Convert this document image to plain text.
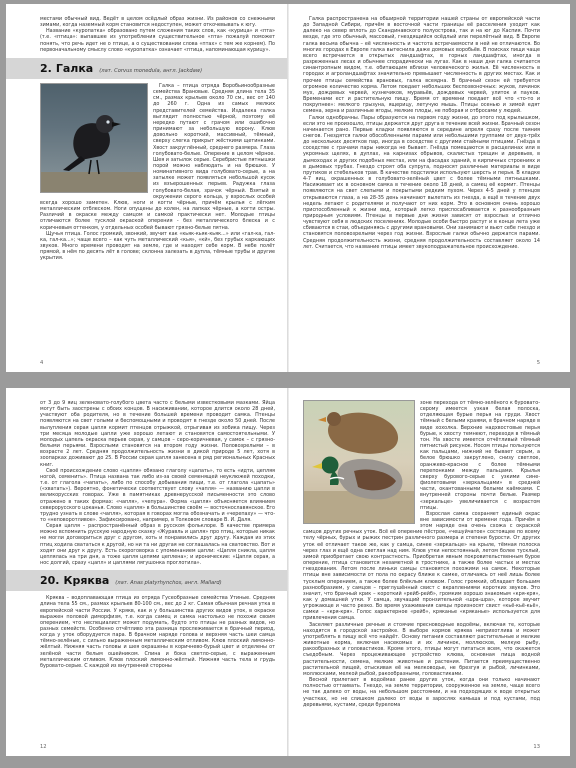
местами обычный вид. Ведёт в целом осёдлый образ жизни. Из районов со снежными зимами, когда наземный корм становится недоступен, может откочевывать к югу.

Название «куропатка» образовано путем сложения таких слов, как «курица» и «пта» (т.е. «птица»: выпавшее из употребления существительное «пта» пожалуй поможет понять, что речь идет не о птице, а о существовании слова «птах» с тем же корнем). По первоначальному смыслу слово «куропатка» означает «птица, напоминающая курицу».

2. Галка (лат. Corvus monedula, англ. Jackdaw)

Галка – птица отряда Воробьинообразные семейства Врановые. Средняя длина тела 35 см., размах крыльев около 70 см., вес от 140 до 260 г. Одна из самых мелких представителей семейства. Издалека галка выглядит полностью чёрной, поэтому её нередко путают с грачом или ошибочно принимают за небольшую ворону. Клюв довольно короткий, массивный, тёмный, сверху слегка прикрыт жёсткими щетинками. Хвост закруглённый, среднего размера. Глаза голубовато-белые. Оперение в целом чёрное. Шея и затылок серые. Серебристые пятнышки порой можно наблюдать и на брюшке. У номинативного вида голубовато-серые, а на затылке может появляться небольшой кусок из взъерошенных перьев. Радужка глаза голубовато-белая, зрачок чёрный. Взятый в окружении серого кольца, у взрослых особей всегда хорошо заметен. Клюв, ноги и когти чёрные, причём крылья с лёгким металлическим отблеском. Ноги опущены до колен, на лапках чёрные, а когти остры. Различий в окраске между самцом и самкой практически нет. Молодые птицы отличаются более тусклой окраской оперения - без металлического блеска и с коричневым оттенком, у отдельных особей бывают грязно-белые пятна.

Щучья птица. Голос громкий, звонкий, звучит как «кьяк-кьяк-кьяк...» или «гал-ка, гал-ка, гал-ка...»; чаще всего – как чуть металлический «кья», «кй», без грубых каркающих звуков. Много времени проводят на земле, где и находят себе корм. В небе полёт прямой, в нём по десять лёт в голове; склонна залезать в дупла, тёмные трубы и другие укрытия.

4

Галка распространена на обширной территории нашей страны от европейской части до Западной Сибири, причём в восточной части границы её расселения уходит как далеко на север вплоть до Скандинавского полуострова, так и на юг до Каспия. Почти везде, где это обычный, массовый, гнездящийся осёдлый или перелётный вид. В Европе галка весьма обычна – её численность и частота встречаемости в ней не отличаются. Во многих городах в Европе галка вытеснила даже домовых воробьёв. В поисках пищи чаще всего встречается в открытых ландшафтах, в горных ландшафтах, иногда в разреженных лесах и обычнее спорадически на лугах. Как в наши дни галка считается синантропным видом, т.е. обитающим вблизи человеческого жилья. Её численность в городах и агроландшафтах значительно превышает численность в других местах. Как и прочие птицы семейства врановых, галка всеядна. В брачный сезон ей требуется огромное количество корма. Летом поедает небольших беспозвоночных: жуков, личинок мух, дождевых червей, кузнечиков, муравьёв, дождевых червей, улиток и пауков. Временами ест и растительную пищу. Время от времени поедает всё что «то-то и покрупнее»: мелкого грызуна, ящерицу, летучую мышь. Птицы осенью и зимой едят семена, зерна и различные ягоды, мелкие плоды, не поборая и отбросами у людей.

Галки однобрачны. Пары образуются на первом году жизни, до этого под крылышком, если это не произошло, птицы держатся друг друга в течение всей жизни. Брачный сезон начинается рано. Первые кладки появляются в середине апреля сразу после таяния снегов. Гнездятся галки обособленными парами или небольшими группами от двух-трёх до нескольких десятков пар, иногда в соседстве с другими стайными птицами. Гнёзда в соседстве с грачами пары никогда не бывает. Гнёзда помещаются в расщелинах или в укромных щелях, в дуплах, на карнизах обрывов, скалистых трещин и деревьев, в дымоходах и других подобных местах, или на фасадах зданий, в кирпичных строениях и в дымовых трубах. Гнездо строят оба супруга, подносят различные материалы в виде прутиков и стебельков трав. В качестве подстилки используют шерсть и перья. В кладке 4-7 яиц, окрашенных в голубовато-зелёный цвет с более тёмными пятнышками. Насиживает их в основном самка в течение около 18 дней, а самец её кормит. Птенцы появляются на свет слепыми и покрытыми редким пухом. Через 4-5 дней у птенцов открываются глаза, а на 28-35 день начинают вылетать из гнезда, а ещё в течение двух недель летают с родителями и получают от них корм. Это в основном очень хорошо приспособленный к жизни вид, который легко приспосабливается к разнообразным природным условиям. Птенцы в первые дни жизни зависят от взрослых и отлично чувствуют себя в людских поселениях. Молодые особи быстро растут и в конце лета уже сбиваются в стаи, объединяясь с другими врановыми. Они занимают и вьют себе гнездо и становятся половозрелыми через год жизни. Взрослые галки обычно держатся парами. Средняя продолжительность жизни, средняя продолжительность составляет около 14 лет. Считается, что название птицы имеет звукоподражательное происхождение.

5

от 3 до 9 яиц зеленовато-голубого цвета часто с белыми известковыми мазками. Яйца могут быть заострены с обоих концов. В насиживании, которое длится около 28 дней, участвуют оба родителя, но в течение большей времени проводит самка. Птенцы появляются на свет голыми и беспомощными и проводят в гнезде около 50 дней. После вылупления серая цапля кормит птенцов отрыжкой, отрыгивая из зобика пищу. Через три месяца молодые цапли уже хорошо летают и становятся самостоятельными. У молодых цапель окраска перьев серая, у самцов – серо-коричневая, у самок – с грязно-белыми перьями. Взрослыми становятся на втором году жизни. Половозрелыми – в возрасте 2 лет. Средняя продолжительность жизни в дикой природе 5 лет, хотя в зоопарках доживают до 25. В России серая цапля занесена в ряд региональных Красных книг.

Своё происхождение слово «цапля» обязано глаголу «цапать», то есть «идти, цепляя ногой, семенить». Птица названа так либо из-за своей семенящей неуклюжей походки, т.е. от глагола «чапать», либо по способу добывания пищи, т.е. от глагола «цапать» («хватать»). Вероятно, фонетически соответствует слову «чапля» — названию цапли в великорусских говорах. Уже в памятниках древнерусской письменности это слово отражено в таких формах: «чапля», «чепура». Форма «цапля» объясняется влиянием северорусского цоканья. Слово «цапля» в большинстве своём — восточнославянское. Его трудно узнать в слове «чапля», которая в говорах могла обозначать и «черепаху» — что-то «неповоротливое». Зафиксировано, например, в Толковом словаре В. И. Даля.

Серая цапля – распространённый образ в русском фольклоре. В качестве примера можно вспомнить русскую народную сказку «Журавль и цапля» про птиц, которые никак не могли договориться друг с другом, хоть и понравились друг другу. Каждая из этих птиц ходила свататься к другой, но ни та ни другая не соглашалась на сватовство. Вот и ходят они друг к другу. Есть скороговорка с упоминанием цапли: «Цапля сникла, цапля цеплялась на три дня, а тоже цапля цепями цеплена»; и иронические: «Цапля серая, а нос долгий, сразу «цапл» и цаплями лягушонка проглотила».

20. Кряква (лат. Anas platyrhynchos, англ. Mallard)

Кряква – водоплавающая птица из отряда Гусеобразные семейства Утиные. Средняя длина тела 55 см., размах крыльев 80-100 см., вес до 2 кг. Самая обычная речная утка в европейской части России. У крякв, как и у большинства других видов уток, в окраске выражен половой диморфизм, т.е. когда самец и самка настолько не похожи своим оперением, что неспециалист может подумать, будто это птицы не разных видов, но разных семейств. Особенно отчётливо эта разница прослеживается в брачный период, когда у уток оборудуется пара. В брачном наряде голова и верхняя часть шеи самца тёмно-зелёные, с сильно выраженным металлическим отливом. Клюв плоский лимонно-жёлтый. Нижняя часть головы и шея окрашены в коричнево-бурый цвет и отделены от зелёной части белым ошейником. Спина и бока светло-серые, с выраженным металлическим отливом. Клюв плоский лимонно-жёлтый. Нижняя часть тела и грудь буровато-серые. С каждой из внутренней стороны

12

зоне перехода от тёмно-зелёного к буровато-серому имеется узкая белая полоска, отделяющая бурые перья на груди. Хвост тёмный с белыми краями, в брачном наряде в виде хохолка. Верхние надхвостовые перья бурые, к хвосту темнеют, переходя в тёмный тон. На хвосте имеется отчётливый тёмный пятнистый рисунок. Носом птицы пользуются как пальцами, нижний не бывает серым, а белое брюшко закруглено, снизу светлое, оранжево-красное с более тёмными перепонками между пальцами. Крылья сверху бурового-серые с узкими сине-фиолетовыми «зеркальцами» в средней части, окантованными белыми каёмками. С внутренней стороны почти белые. Размер «зеркальце» увеличивается с возрастом птицы.

Взрослая самка сохраняет единый окрас вне зависимости от времени года. Причём в этом наряде она очень схожа с окраской самцов других речных уток. Всё её оперение пёстрое, «чешуйчатое» состоящее по всему телу чёрных, бурых и рыжих пестрин различного размера и степени бурости. От других уток её отличает такое же, как у самца, синее «зеркальце» на крыле, тёмная полоска через глаз и ещё одна светлая над ним. Клюв утки непостоянный, летом более тусклый, зимой приобретает свою контрастность. Приобретая явным покровительственным бурое оперение, птица становится незаметной в тростнике, а также более частых и местах гнездования. Летом после линьки самцы становятся похожими на самок. Некоторые птицы вне зависимости от пола по окрасу ближе к самке, отличаясь от неё лишь более тусклым оперением, а также более блёклым клювом. Голос громкий, обладает большим разнообразием, у самцов – приглушённый свист с вкраплениями коротких звуков. Это значит, что брачный крик – короткий «рейб-рейб», громким хорошо знакомым «кря-кря», как у домашней утки. У самца, звучащий пронзительной «шра-шра», которое звучит угрожающе и часто резко. Во время ухаживания самцы произносят свист «кьё-кьё-кьё», самки – «кря-кря». Голос характерное «рейб», кряканье «кряканье» используется для привлечения самца.

Заселяет различные речные и стоячие пресноводные водоёмы, включая те, которые находятся в городской застройке. В выборе кормов кряква неприхотлива и может употреблять в пищу всё что найдёт. Основу питания составляют растительные и мелкие животные корма, включая насекомых и их личинок, моллюсков, мелкую рыбу, ракообразных и головастиков. Кроме этого, птицы могут питаться всем, что окажется съедобным. Через процеживающее устройство клюва, основная пища водной растительности, семена, мелкие животные и растения. Питается преимущественно растительной пищей, отыскивая её на мелководье, не брезгуя и рыбой, личинками, моллюсками, мелкой рыбой, ракообразными, головастиками.

Весной прилетает в водоёмах ранее других уток, когда они только начинают полностью оттаивать. Гнездо, на земле территории, сооруженное на земле, чаще всего не так далеко от воды, на небольшом расстоянии, и на подходящих к воде открытых участках, но не слишком далеко от воды в зарослях камыша и под кустами, под деревьями, кустами, среди бурелома

13
